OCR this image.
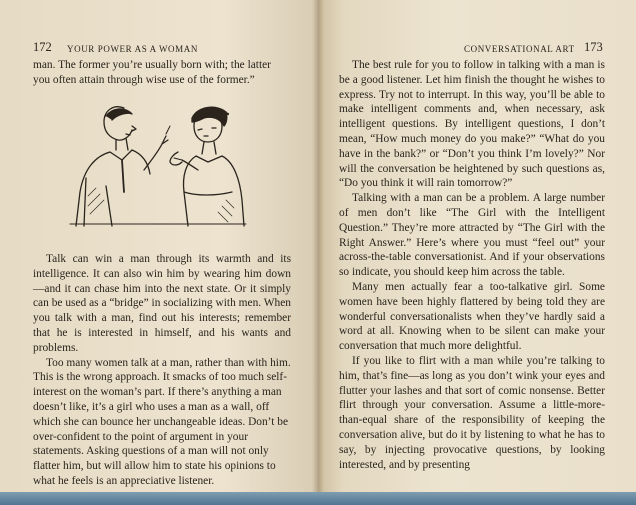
172 YOUR POWER AS A WOMAN

man. The former you’re usually born with; the latter

you often attain through wise use of the former.”

Talk can win a man through its warmth and its intelligence. It can also win him by wearing him down—and it can chase him into the next state. Or it simply can be used as a “bridge” in socializing with men. When you talk with a man, find out his interests; remember that he is interested in himself, and his wants and problems.

Too many women talk at a man, rather than with him. This is the wrong approach. It smacks of too much self-interest on the woman’s part. If there’s anything a man doesn’t like, it’s a girl who uses a man as a wall, off which she can bounce her unchangeable ideas. Don’t be over-confident to the point of argument in your statements. Asking questions of a man will not only flatter him, but will allow him to state his opinions to what he feels is an appreciative listener.

CONVERSATIONAL ART 173

The best rule for you to follow in talking with a man is be a good listener. Let him finish the thought he wishes to express. Try not to interrupt. In this way, you’ll be able to make intelligent comments and, when necessary, ask intelligent questions. By intelligent questions, I don’t mean, “How much money do you make?” “What do you have in the bank?” or “Don’t you think I’m lovely?” Nor will the conversation be heightened by such questions as, “Do you think it will rain tomorrow?”

Talking with a man can be a problem. A large number of men don’t like “The Girl with the Intelligent Question.” They’re more attracted by “The Girl with the Right Answer.” Here’s where you must “feel out” your across-the-table conversationist. And if your observations so indicate, you should keep him across the table.

Many men actually fear a too-talkative girl. Some women have been highly flattered by being told they are wonderful conversationalists when they’ve hardly said a word at all. Knowing when to be silent can make your conversation that much more delightful.

If you like to flirt with a man while you’re talking to him, that’s fine—as long as you don’t wink your eyes and flutter your lashes and that sort of comic nonsense. Better flirt through your conversation. Assume a little-more-than-equal share of the responsibility of keeping the conversation alive, but do it by listening to what he has to say, by injecting provocative questions, by looking interested, and by presenting
